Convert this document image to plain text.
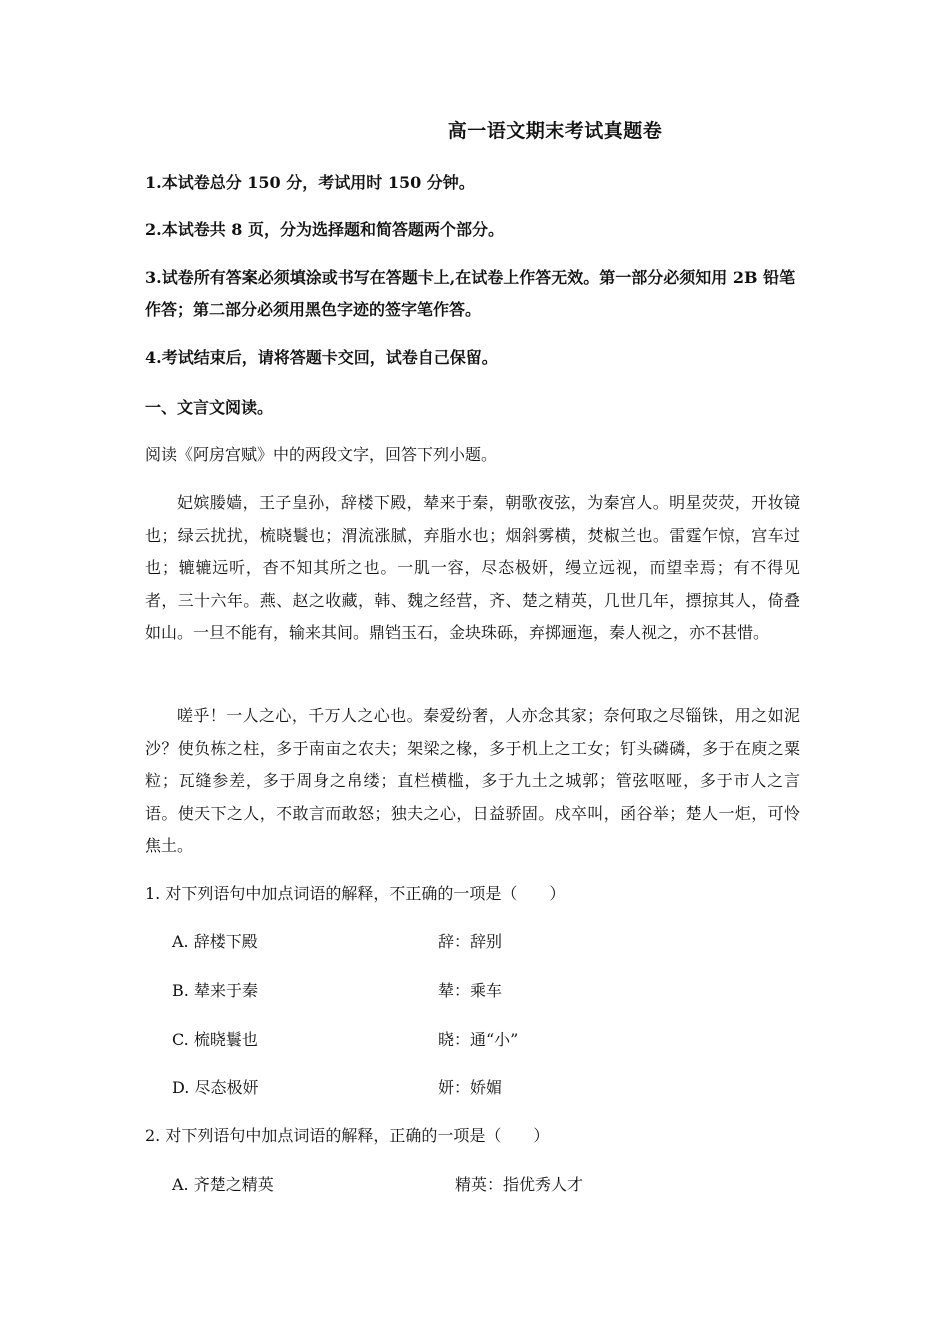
高一语文期末考试真题卷
1.本试卷总分 150 分，考试用时 150 分钟。
2.本试卷共 8 页，分为选择题和简答题两个部分。
3.试卷所有答案必须填涂或书写在答题卡上,在试卷上作答无效。第一部分必须知用 2B 铅笔作答；第二部分必须用黑色字迹的签字笔作答。
4.考试结束后，请将答题卡交回，试卷自己保留。
一、文言文阅读。
阅读《阿房宫赋》中的两段文字，回答下列小题。
妃嫔媵嫱，王子皇孙，辞楼下殿，辇来于秦，朝歌夜弦，为秦宫人。明星荧荧，开妆镜也；绿云扰扰，梳晓鬟也；渭流涨腻，弃脂水也；烟斜雾横，焚椒兰也。雷霆乍惊，宫车过也；辘辘远听，杳不知其所之也。一肌一容，尽态极妍，缦立远视，而望幸焉；有不得见者，三十六年。燕、赵之收藏，韩、魏之经营，齐、楚之精英，几世几年，摽掠其人，倚叠如山。一旦不能有，输来其间。鼎铛玉石，金块珠砾，弃掷逦迤，秦人视之，亦不甚惜。
嗟乎！一人之心，千万人之心也。秦爱纷奢，人亦念其家；奈何取之尽锱铢，用之如泥沙？使负栋之柱，多于南亩之农夫；架梁之椽，多于机上之工女；钉头磷磷，多于在庾之粟粒；瓦缝参差，多于周身之帛缕；直栏横槛，多于九土之城郭；管弦呕哑，多于市人之言语。使天下之人，不敢言而敢怒；独夫之心，日益骄固。戍卒叫，函谷举；楚人一炬，可怜焦土。
1. 对下列语句中加点词语的解释，不正确的一项是（　　）
A. 辞楼下殿	辞：辞别
B. 辇来于秦	辇：乘车
C. 梳晓鬟也	晓：通“小”
D. 尽态极妍	妍：娇媚
2. 对下列语句中加点词语的解释，正确的一项是（　　）
A. 齐楚之精英	精英：指优秀人才
